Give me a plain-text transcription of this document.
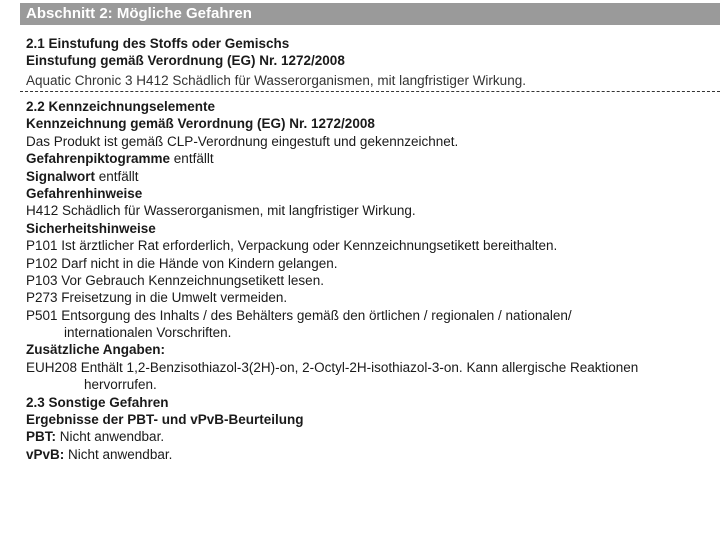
Abschnitt 2: Mögliche Gefahren
2.1 Einstufung des Stoffs oder Gemischs
Einstufung gemäß Verordnung (EG) Nr. 1272/2008
Aquatic Chronic 3 H412 Schädlich für Wasserorganismen, mit langfristiger Wirkung.
2.2 Kennzeichnungselemente
Kennzeichnung gemäß Verordnung (EG) Nr. 1272/2008
Das Produkt ist gemäß CLP-Verordnung eingestuft und gekennzeichnet.
Gefahrenpiktogramme entfällt
Signalwort entfällt
Gefahrenhinweise
H412 Schädlich für Wasserorganismen, mit langfristiger Wirkung.
Sicherheitshinweise
P101 Ist ärztlicher Rat erforderlich, Verpackung oder Kennzeichnungsetikett bereithalten.
P102 Darf nicht in die Hände von Kindern gelangen.
P103 Vor Gebrauch Kennzeichnungsetikett lesen.
P273 Freisetzung in die Umwelt vermeiden.
P501 Entsorgung des Inhalts / des Behälters gemäß den örtlichen / regionalen / nationalen/
internationalen Vorschriften.
Zusätzliche Angaben:
EUH208 Enthält 1,2-Benzisothiazol-3(2H)-on, 2-Octyl-2H-isothiazol-3-on. Kann allergische Reaktionen
hervorrufen.
2.3 Sonstige Gefahren
Ergebnisse der PBT- und vPvB-Beurteilung
PBT: Nicht anwendbar.
vPvB: Nicht anwendbar.
